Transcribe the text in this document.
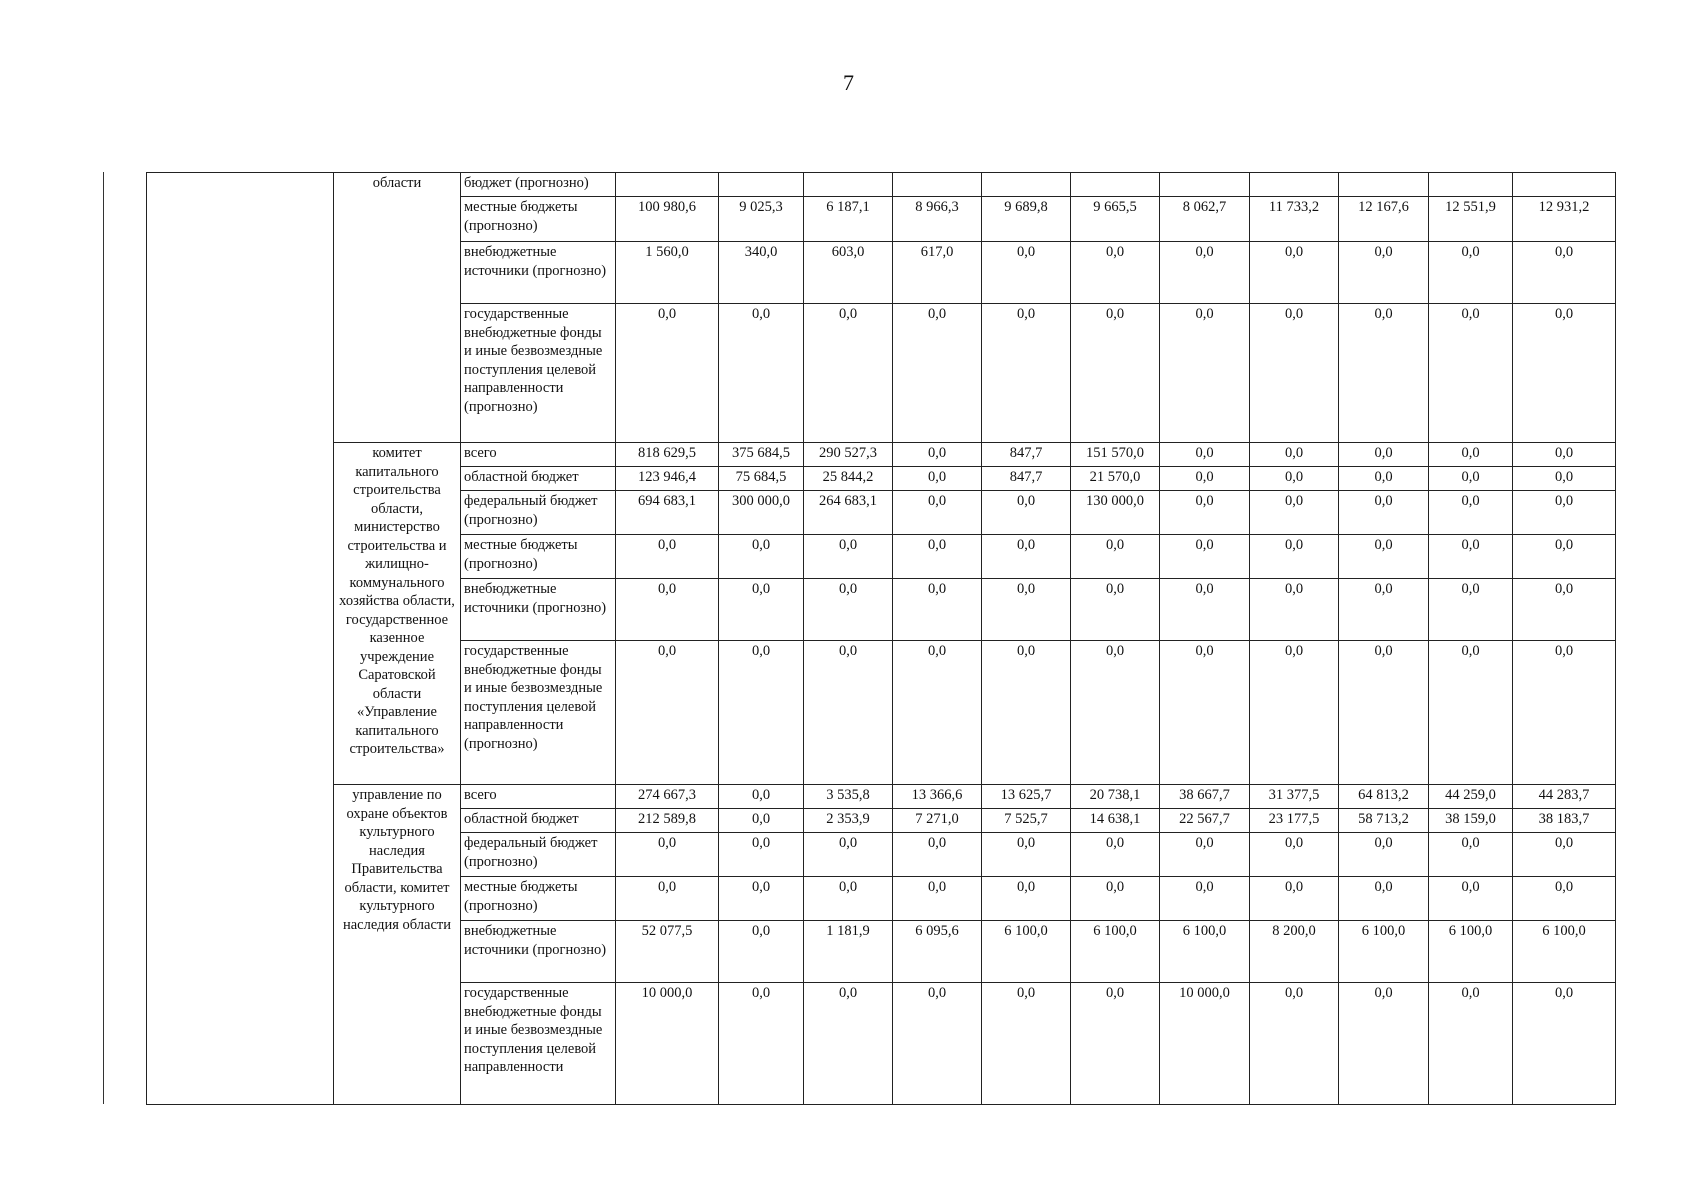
7
	области	бюджет (прогнозно)											
		местные бюджеты (прогнозно)	100 980,6	9 025,3	6 187,1	8 966,3	9 689,8	9 665,5	8 062,7	11 733,2	12 167,6	12 551,9	12 931,2
		внебюджетные источники (прогнозно)	1 560,0	340,0	603,0	617,0	0,0	0,0	0,0	0,0	0,0	0,0	0,0
		государственные внебюджетные фонды и иные безвозмездные поступления целевой направленности (прогнозно)	0,0	0,0	0,0	0,0	0,0	0,0	0,0	0,0	0,0	0,0	0,0
	комитет капитального строительства области, министерство строительства и жилищно-коммунального хозяйства области, государственное казенное учреждение Саратовской области «Управление капитального строительства»	всего	818 629,5	375 684,5	290 527,3	0,0	847,7	151 570,0	0,0	0,0	0,0	0,0	0,0
		областной бюджет	123 946,4	75 684,5	25 844,2	0,0	847,7	21 570,0	0,0	0,0	0,0	0,0	0,0
		федеральный бюджет (прогнозно)	694 683,1	300 000,0	264 683,1	0,0	0,0	130 000,0	0,0	0,0	0,0	0,0	0,0
		местные бюджеты (прогнозно)	0,0	0,0	0,0	0,0	0,0	0,0	0,0	0,0	0,0	0,0	0,0
		внебюджетные источники (прогнозно)	0,0	0,0	0,0	0,0	0,0	0,0	0,0	0,0	0,0	0,0	0,0
		государственные внебюджетные фонды и иные безвозмездные поступления целевой направленности (прогнозно)	0,0	0,0	0,0	0,0	0,0	0,0	0,0	0,0	0,0	0,0	0,0
	управление по охране объектов культурного наследия Правительства области, комитет культурного наследия области	всего	274 667,3	0,0	3 535,8	13 366,6	13 625,7	20 738,1	38 667,7	31 377,5	64 813,2	44 259,0	44 283,7
		областной бюджет	212 589,8	0,0	2 353,9	7 271,0	7 525,7	14 638,1	22 567,7	23 177,5	58 713,2	38 159,0	38 183,7
		федеральный бюджет (прогнозно)	0,0	0,0	0,0	0,0	0,0	0,0	0,0	0,0	0,0	0,0	0,0
		местные бюджеты (прогнозно)	0,0	0,0	0,0	0,0	0,0	0,0	0,0	0,0	0,0	0,0	0,0
		внебюджетные источники (прогнозно)	52 077,5	0,0	1 181,9	6 095,6	6 100,0	6 100,0	6 100,0	8 200,0	6 100,0	6 100,0	6 100,0
		государственные внебюджетные фонды и иные безвозмездные поступления целевой направленности	10 000,0	0,0	0,0	0,0	0,0	0,0	10 000,0	0,0	0,0	0,0	0,0
